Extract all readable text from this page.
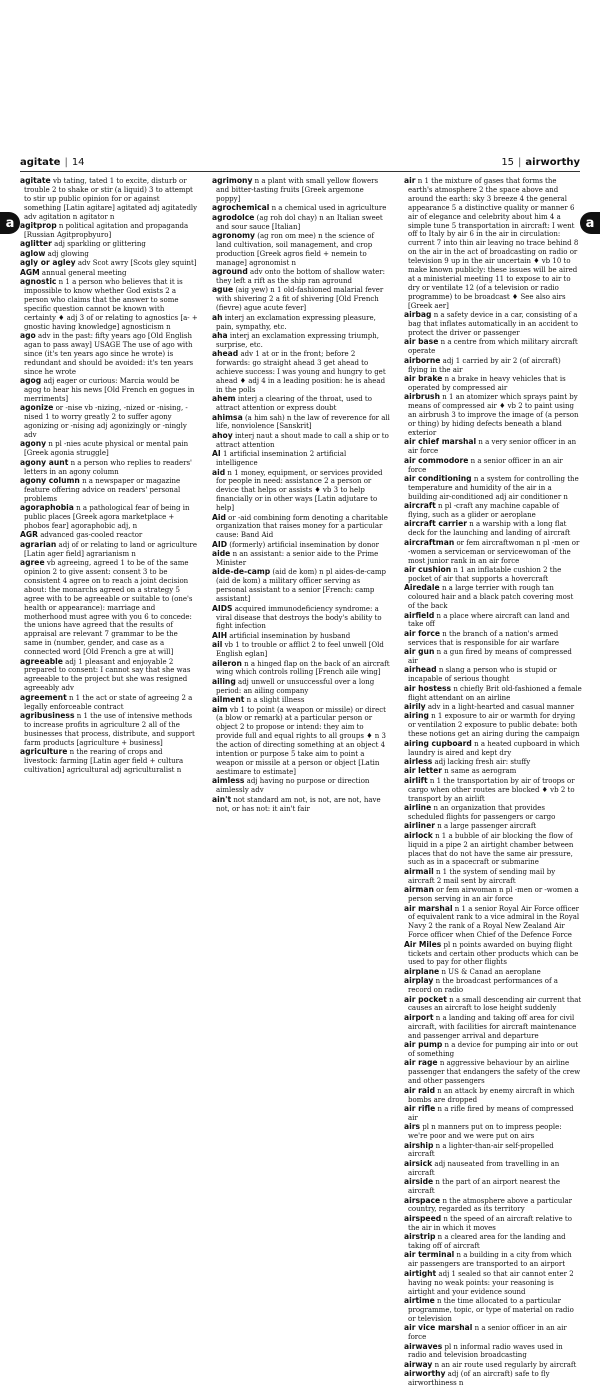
a	a
agitate | 14	15 | airworthy
agitate vb tating, tated 1 to excite, disturb or trouble 2 to shake or stir (a liquid) 3 to attempt to stir up public opinion for or against something [Latin agitare] agitated adj agitatedly adv agitation n agitator n
agitprop n political agitation and propaganda [Russian Agitpropbyuro]
aglitter adj sparkling or glittering
aglow adj glowing
agly or agley adv Scot awry [Scots gley squint]
AGM annual general meeting
agnostic n 1 a person who believes that it is impossible to know whether God exists 2 a person who claims that the answer to some specific question cannot be known with certainty ♦ adj 3 of or relating to agnostics [a- + gnostic having knowledge] agnosticism n
ago adv in the past: fifty years ago [Old English agan to pass away] USAGE The use of ago with since (it's ten years ago since he wrote) is redundant and should be avoided: it's ten years since he wrote
agog adj eager or curious: Marcia would be agog to hear his news [Old French en gogues in merriments]
agonize or -nise vb -nizing, -nized or -nising, -nised 1 to worry greatly 2 to suffer agony agonizing or -nising adj agonizingly or -ningly adv
agony n pl -nies acute physical or mental pain [Greek agonia struggle]
agony aunt n a person who replies to readers' letters in an agony column
agony column n a newspaper or magazine feature offering advice on readers' personal problems
agoraphobia n a pathological fear of being in public places [Greek agora marketplace + phobos fear] agoraphobic adj, n
AGR advanced gas-cooled reactor
agrarian adj of or relating to land or agriculture [Latin ager field] agrarianism n
agree vb agreeing, agreed 1 to be of the same opinion 2 to give assent: consent 3 to be consistent 4 agree on to reach a joint decision about: the monarchs agreed on a strategy 5 agree with to be agreeable or suitable to (one's health or appearance): marriage and motherhood must agree with you 6 to concede: the unions have agreed that the results of appraisal are relevant 7 grammar to be the same in (number, gender, and case as a connected word [Old French a gre at will]
agreeable adj 1 pleasant and enjoyable 2 prepared to consent: I cannot say that she was agreeable to the project but she was resigned agreeably adv
agreement n 1 the act or state of agreeing 2 a legally enforceable contract
agribusiness n 1 the use of intensive methods to increase profits in agriculture 2 all of the businesses that process, distribute, and support farm products [agriculture + business]
agriculture n the rearing of crops and livestock: farming [Latin ager field + cultura cultivation] agricultural adj agriculturalist n
agrimony n a plant with small yellow flowers and bitter-tasting fruits [Greek argemone poppy]
agrochemical n a chemical used in agriculture
agrodolce (ag roh dol chay) n an Italian sweet and sour sauce [Italian]
agronomy (ag ron om mee) n the science of land cultivation, soil management, and crop production [Greek agros field + nemein to manage] agronomist n
aground adv onto the bottom of shallow water: they left a rift as the ship ran aground
ague (aig yew) n 1 old-fashioned malarial fever with shivering 2 a fit of shivering [Old French (fievre) ague acute fever]
ah interj an exclamation expressing pleasure, pain, sympathy, etc.
aha interj an exclamation expressing triumph, surprise, etc.
ahead adv 1 at or in the front; before 2 forwards: go straight ahead 3 get ahead to achieve success: I was young and hungry to get ahead ♦ adj 4 in a leading position: he is ahead in the polls
ahem interj a clearing of the throat, used to attract attention or express doubt
ahimsa (a him sah) n the law of reverence for all life, nonviolence [Sanskrit]
ahoy interj naut a shout made to call a ship or to attract attention
AI 1 artificial insemination 2 artificial intelligence
aid n 1 money, equipment, or services provided for people in need: assistance 2 a person or device that helps or assists ♦ vb 3 to help financially or in other ways [Latin adjutare to help]
Aid or -aid combining form denoting a charitable organization that raises money for a particular cause: Band Aid
AID (formerly) artificial insemination by donor
aide n an assistant: a senior aide to the Prime Minister
aide-de-camp (aid de kom) n pl aides-de-camp (aid de kom) a military officer serving as personal assistant to a senior [French: camp assistant]
AIDS acquired immunodeficiency syndrome: a viral disease that destroys the body's ability to fight infection
AIH artificial insemination by husband
ail vb 1 to trouble or afflict 2 to feel unwell [Old English eglan]
aileron n a hinged flap on the back of an aircraft wing which controls rolling [French aile wing]
ailing adj unwell or unsuccessful over a long period: an ailing company
ailment n a slight illness
aim vb 1 to point (a weapon or missile) or direct (a blow or remark) at a particular person or object 2 to propose or intend: they aim to provide full and equal rights to all groups ♦ n 3 the action of directing something at an object 4 intention or purpose 5 take aim to point a weapon or missile at a person or object [Latin aestimare to estimate]
aimless adj having no purpose or direction aimlessly adv
ain't not standard am not, is not, are not, have not, or has not: it ain't fair
air n 1 the mixture of gases that forms the earth's atmosphere 2 the space above and around the earth: sky 3 breeze 4 the general appearance 5 a distinctive quality or manner 6 air of elegance and celebrity about him 4 a simple tune 5 transportation in aircraft: I went off to Italy by air 6 in the air in circulation: current 7 into thin air leaving no trace behind 8 on the air in the act of broadcasting on radio or television 9 up in the air uncertain ♦ vb 10 to make known publicly: these issues will be aired at a ministerial meeting 11 to expose to air to dry or ventilate 12 (of a television or radio programme) to be broadcast ♦ See also airs [Greek aer]
airbag n a safety device in a car, consisting of a bag that inflates automatically in an accident to protect the driver or passenger
air base n a centre from which military aircraft operate
airborne adj 1 carried by air 2 (of aircraft) flying in the air
air brake n a brake in heavy vehicles that is operated by compressed air
airbrush n 1 an atomizer which sprays paint by means of compressed air ♦ vb 2 to paint using an airbrush 3 to improve the image of (a person or thing) by hiding defects beneath a bland exterior
air chief marshal n a very senior officer in an air force
air commodore n a senior officer in an air force
air conditioning n a system for controlling the temperature and humidity of the air in a building air-conditioned adj air conditioner n
aircraft n pl -craft any machine capable of flying, such as a glider or aeroplane
aircraft carrier n a warship with a long flat deck for the launching and landing of aircraft
aircraftman or fem aircraftwoman n pl -men or -women a serviceman or servicewoman of the most junior rank in an air force
air cushion n 1 an inflatable cushion 2 the pocket of air that supports a hovercraft
Airedale n a large terrier with rough tan coloured hair and a black patch covering most of the back
airfield n a place where aircraft can land and take off
air force n the branch of a nation's armed services that is responsible for air warfare
air gun n a gun fired by means of compressed air
airhead n slang a person who is stupid or incapable of serious thought
air hostess n chiefly Brit old-fashioned a female flight attendant on an airline
airily adv in a light-hearted and casual manner
airing n 1 exposure to air or warmth for drying or ventilation 2 exposure to public debate: both these notions get an airing during the campaign
airing cupboard n a heated cupboard in which laundry is aired and kept dry
airless adj lacking fresh air: stuffy
air letter n same as aerogram
airlift n 1 the transportation by air of troops or cargo when other routes are blocked ♦ vb 2 to transport by an airlift
airline n an organization that provides scheduled flights for passengers or cargo
airliner n a large passenger aircraft
airlock n 1 a bubble of air blocking the flow of liquid in a pipe 2 an airtight chamber between places that do not have the same air pressure, such as in a spacecraft or submarine
airmail n 1 the system of sending mail by aircraft 2 mail sent by aircraft
airman or fem airwoman n pl -men or -women a person serving in an air force
air marshal n 1 a senior Royal Air Force officer of equivalent rank to a vice admiral in the Royal Navy 2 the rank of a Royal New Zealand Air Force officer when Chief of the Defence Force
Air Miles pl n points awarded on buying flight tickets and certain other products which can be used to pay for other flights
airplane n US & Canad an aeroplane
airplay n the broadcast performances of a record on radio
air pocket n a small descending air current that causes an aircraft to lose height suddenly
airport n a landing and taking off area for civil aircraft, with facilities for aircraft maintenance and passenger arrival and departure
air pump n a device for pumping air into or out of something
air rage n aggressive behaviour by an airline passenger that endangers the safety of the crew and other passengers
air raid n an attack by enemy aircraft in which bombs are dropped
air rifle n a rifle fired by means of compressed air
airs pl n manners put on to impress people: we're poor and we were put on airs
airship n a lighter-than-air self-propelled aircraft
airsick adj nauseated from travelling in an aircraft
airside n the part of an airport nearest the aircraft
airspace n the atmosphere above a particular country, regarded as its territory
airspeed n the speed of an aircraft relative to the air in which it moves
airstrip n a cleared area for the landing and taking off of aircraft
air terminal n a building in a city from which air passengers are transported to an airport
airtight adj 1 sealed so that air cannot enter 2 having no weak points: your reasoning is airtight and your evidence sound
airtime n the time allocated to a particular programme, topic, or type of material on radio or television
air vice marshal n a senior officer in an air force
airwaves pl n informal radio waves used in radio and television broadcasting
airway n an air route used regularly by aircraft
airworthy adj (of an aircraft) safe to fly airworthiness n
